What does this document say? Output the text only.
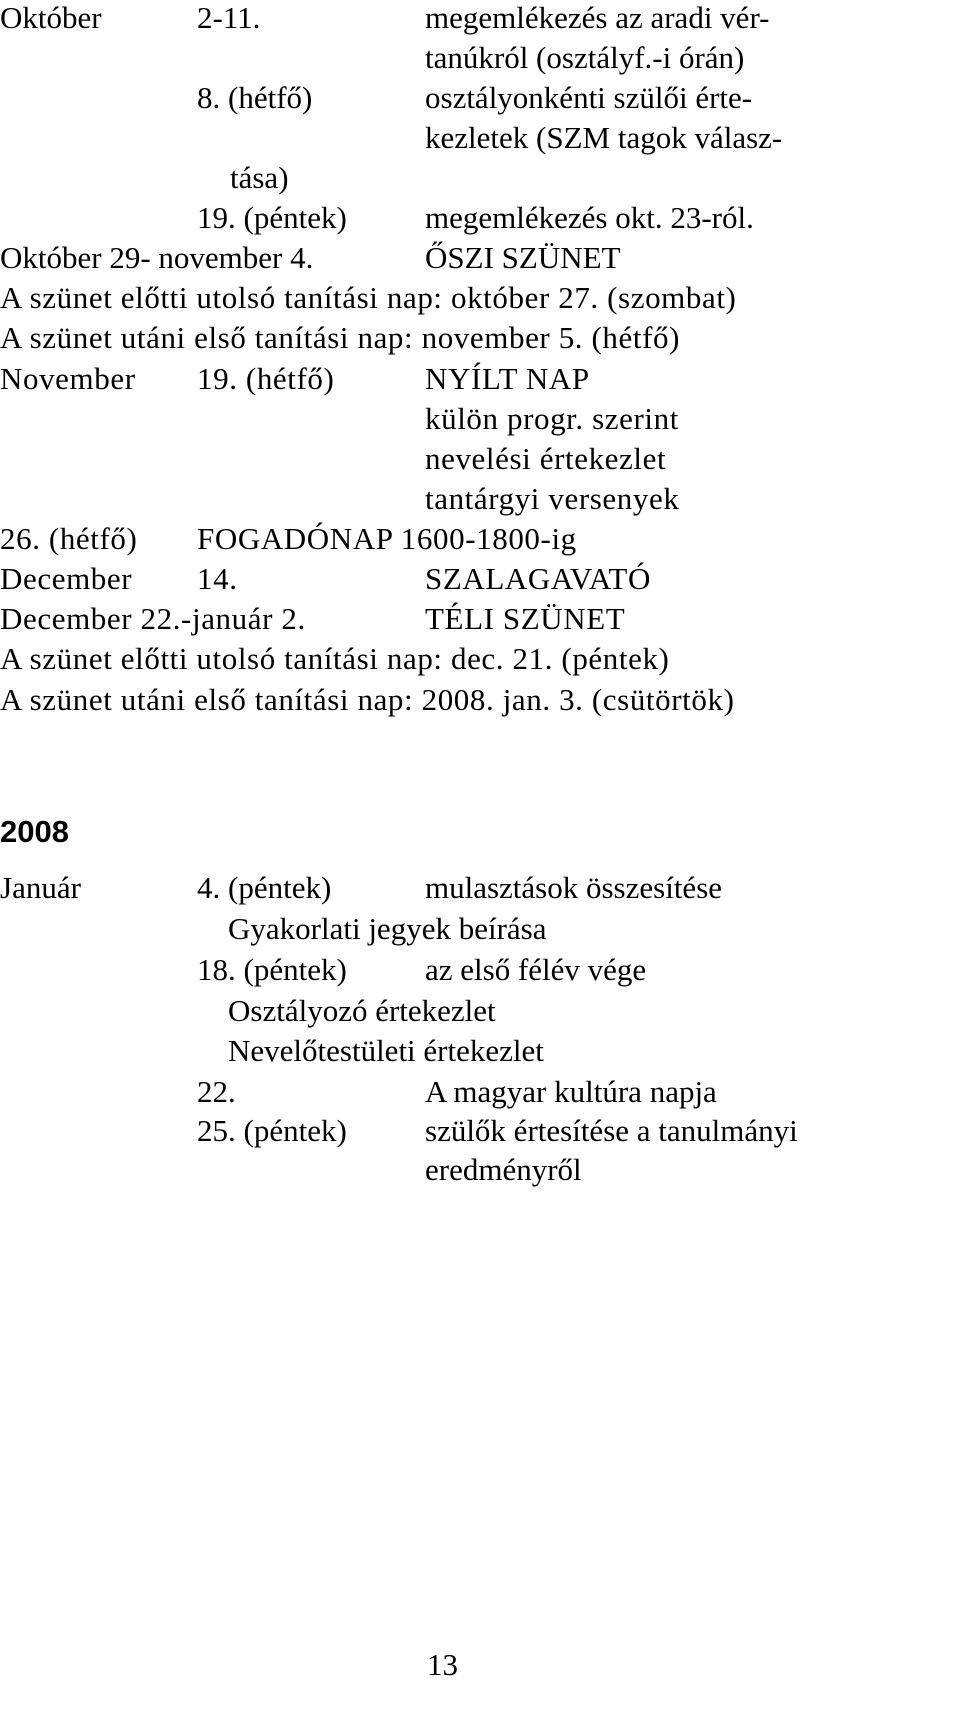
Október	2-11.	megemlékezés az aradi vér-
tanúkról (osztályf.-i órán)
8. (hétfő)	osztályonkénti szülői érte-
kezletek (SZM tagok válasz-
tása)
19. (péntek)	megemlékezés okt. 23-ról.
Október 29- november 4.	ŐSZI SZÜNET
A szünet előtti utolsó tanítási nap: október 27. (szombat)
A szünet utáni első tanítási nap: november 5. (hétfő)
November 19. (hétfő)	NYÍLT NAP
külön progr. szerint
nevelési értekezlet
tantárgyi versenyek
26. (hétfő) FOGADÓNAP 1600-1800-ig
December 14.	SZALAGAVATÓ
December 22.-január 2.	TÉLI SZÜNET
A szünet előtti utolsó tanítási nap: dec. 21. (péntek)
A szünet utáni első tanítási nap: 2008. jan. 3. (csütörtök)
2008
Január	4. (péntek)	mulasztások összesítése
Gyakorlati jegyek beírása
18. (péntek)	az első félév vége
Osztályozó értekezlet
Nevelőtestületi értekezlet
22.	A magyar kultúra napja
25. (péntek)	szülők értesítése a tanulmányi
eredményről
13
